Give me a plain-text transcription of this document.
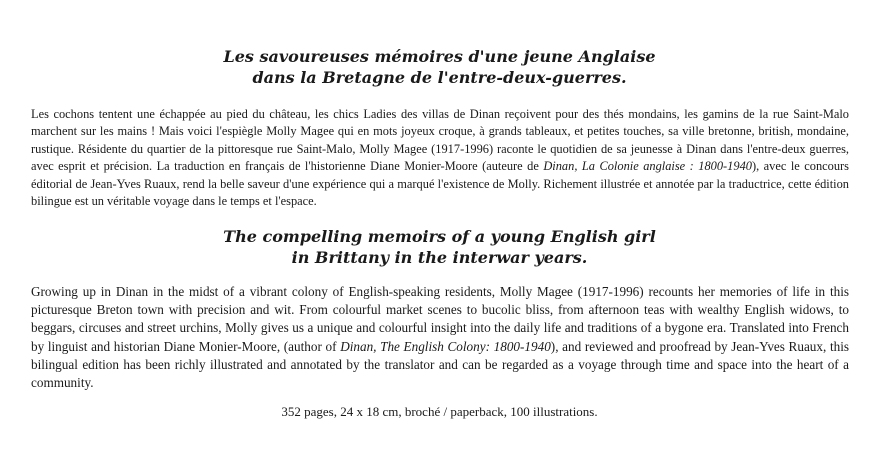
Les savoureuses mémoires d'une jeune Anglaise
dans la Bretagne de l'entre-deux-guerres.

Les cochons tentent une échappée au pied du château, les chics Ladies des villas de Dinan reçoivent pour des thés mondains, les gamins de la rue Saint-Malo marchent sur les mains ! Mais voici l'espiègle Molly Magee qui en mots joyeux croque, à grands tableaux, et petites touches, sa ville bretonne, british, mondaine, rustique. Résidente du quartier de la pittoresque rue Saint-Malo, Molly Magee (1917-1996) raconte le quotidien de sa jeunesse à Dinan dans l'entre-deux guerres, avec esprit et précision. La traduction en français de l'historienne Diane Monier-Moore (auteure de Dinan, La Colonie anglaise : 1800-1940), avec le concours éditorial de Jean-Yves Ruaux, rend la belle saveur d'une expérience qui a marqué l'existence de Molly. Richement illustrée et annotée par la traductrice, cette édition bilingue est un véritable voyage dans le temps et l'espace.

The compelling memoirs of a young English girl
in Brittany in the interwar years.

Growing up in Dinan in the midst of a vibrant colony of English-speaking residents, Molly Magee (1917-1996) recounts her memories of life in this picturesque Breton town with precision and wit. From colourful market scenes to bucolic bliss, from afternoon teas with wealthy English widows, to beggars, circuses and street urchins, Molly gives us a unique and colourful insight into the daily life and traditions of a bygone era. Translated into French by linguist and historian Diane Monier-Moore, (author of Dinan, The English Colony: 1800-1940), and reviewed and proofread by Jean-Yves Ruaux, this bilingual edition has been richly illustrated and annotated by the translator and can be regarded as a voyage through time and space into the heart of a community.

352 pages, 24 x 18 cm, broché / paperback, 100 illustrations.
